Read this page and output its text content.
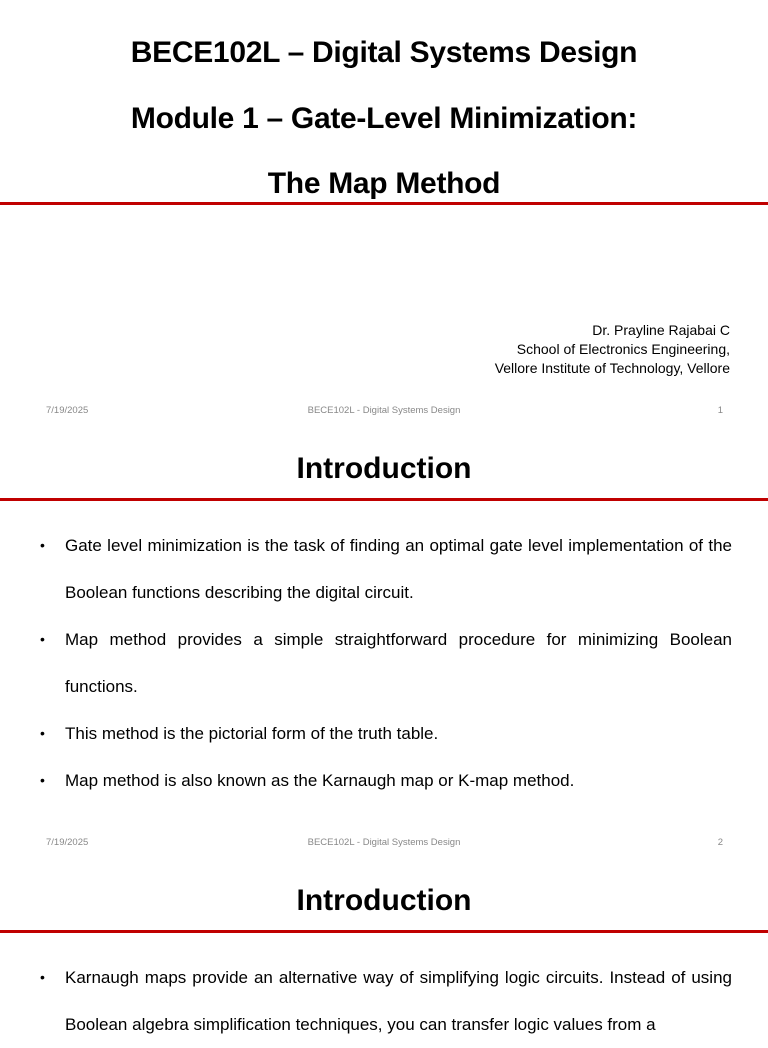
BECE102L – Digital Systems Design
Module 1 – Gate-Level Minimization:
The Map Method
Dr. Prayline Rajabai C
School of Electronics Engineering,
Vellore Institute of Technology, Vellore
7/19/2025	BECE102L - Digital Systems Design	1
Introduction
• Gate level minimization is the task of finding an optimal gate level implementation of the Boolean functions describing the digital circuit.
• Map method provides a simple straightforward procedure for minimizing Boolean functions.
• This method is the pictorial form of the truth table.
• Map method is also known as the Karnaugh map or K-map method.
7/19/2025	BECE102L - Digital Systems Design	2
Introduction
• Karnaugh maps provide an alternative way of simplifying logic circuits. Instead of using Boolean algebra simplification techniques, you can transfer logic values from a
